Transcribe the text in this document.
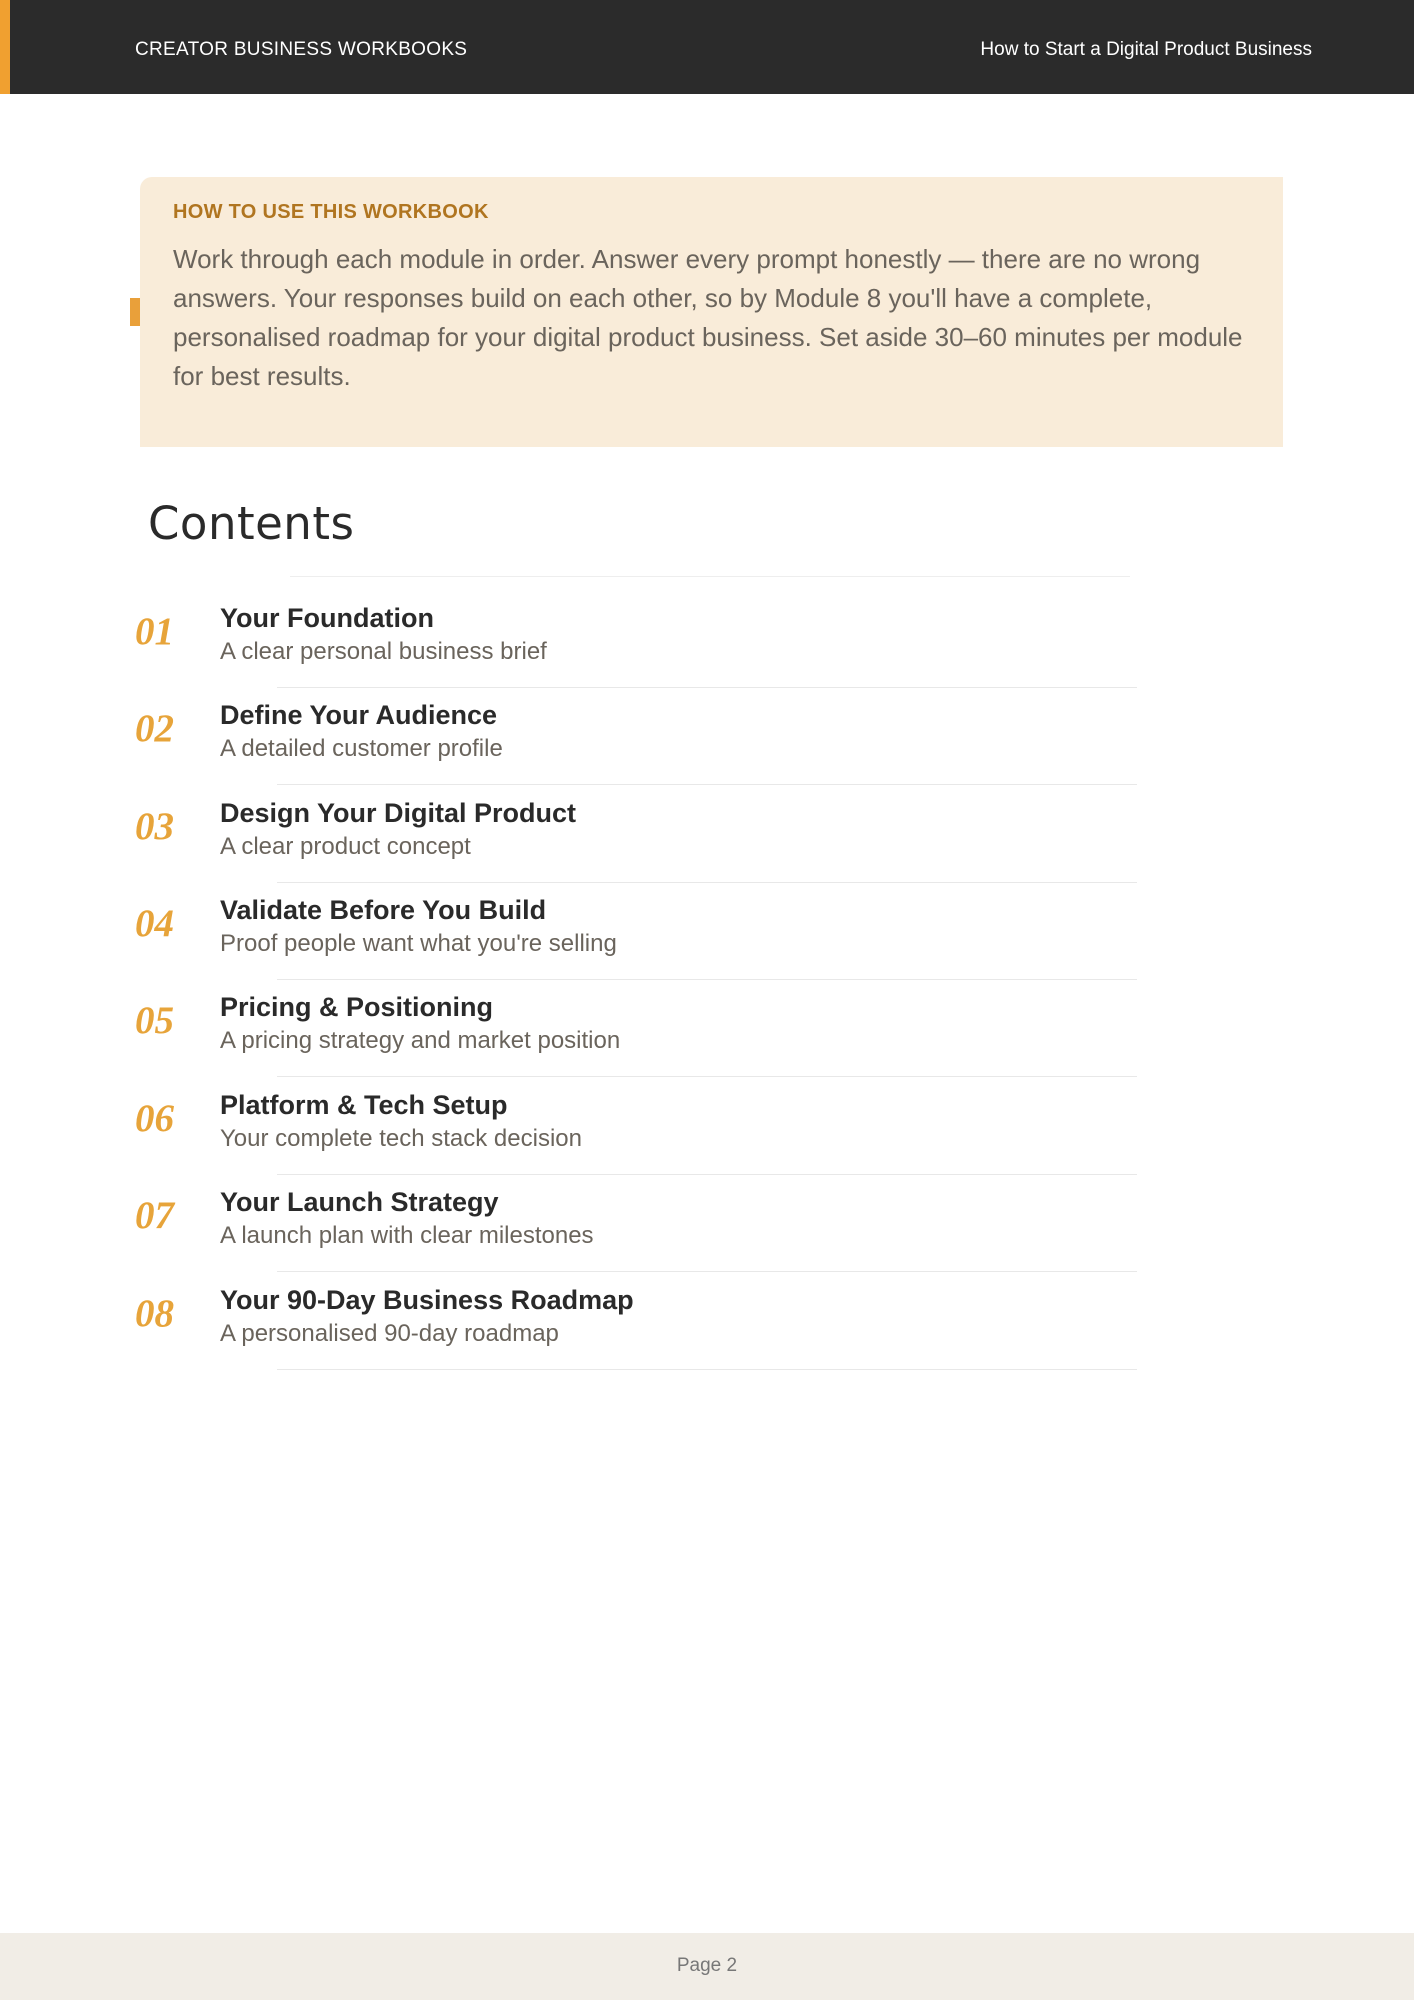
CREATOR BUSINESS WORKBOOKS	How to Start a Digital Product Business
HOW TO USE THIS WORKBOOK
Work through each module in order. Answer every prompt honestly — there are no wrong answers. Your responses build on each other, so by Module 8 you'll have a complete, personalised roadmap for your digital product business. Set aside 30–60 minutes per module for best results.
Contents
01 Your Foundation
A clear personal business brief
02 Define Your Audience
A detailed customer profile
03 Design Your Digital Product
A clear product concept
04 Validate Before You Build
Proof people want what you're selling
05 Pricing & Positioning
A pricing strategy and market position
06 Platform & Tech Setup
Your complete tech stack decision
07 Your Launch Strategy
A launch plan with clear milestones
08 Your 90-Day Business Roadmap
A personalised 90-day roadmap
Page 2
